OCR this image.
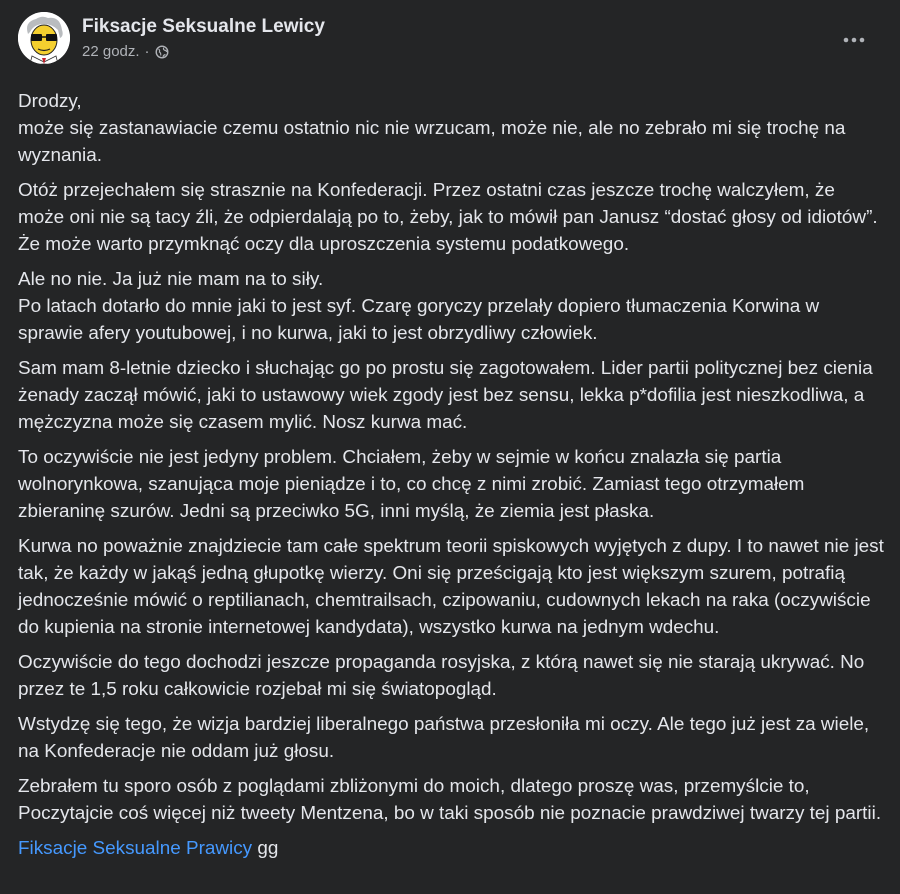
Fiksacje Seksualne Lewicy
22 godz. ·

Drodzy,
może się zastanawiacie czemu ostatnio nic nie wrzucam, może nie, ale no zebrało mi się trochę na wyznania.

Otóż przejechałem się strasznie na Konfederacji. Przez ostatni czas jeszcze trochę walczyłem, że może oni nie są tacy źli, że odpierdalają po to, żeby, jak to mówił pan Janusz “dostać głosy od idiotów”. Że może warto przymknąć oczy dla uproszczenia systemu podatkowego.

Ale no nie. Ja już nie mam na to siły.
Po latach dotarło do mnie jaki to jest syf. Czarę goryczy przelały dopiero tłumaczenia Korwina w sprawie afery youtubowej, i no kurwa, jaki to jest obrzydliwy człowiek.

Sam mam 8-letnie dziecko i słuchając go po prostu się zagotowałem. Lider partii politycznej bez cienia żenady zaczął mówić, jaki to ustawowy wiek zgody jest bez sensu, lekka p*dofilia jest nieszkodliwa, a mężczyzna może się czasem mylić. Nosz kurwa mać.

To oczywiście nie jest jedyny problem. Chciałem, żeby w sejmie w końcu znalazła się partia wolnorynkowa, szanująca moje pieniądze i to, co chcę z nimi zrobić. Zamiast tego otrzymałem zbieraninę szurów. Jedni są przeciwko 5G, inni myślą, że ziemia jest płaska.

Kurwa no poważnie znajdziecie tam całe spektrum teorii spiskowych wyjętych z dupy. I to nawet nie jest tak, że każdy w jakąś jedną głupotkę wierzy. Oni się prześcigają kto jest większym szurem, potrafią jednocześnie mówić o reptilianach, chemtrailsach, czipowaniu, cudownych lekach na raka (oczywiście do kupienia na stronie internetowej kandydata), wszystko kurwa na jednym wdechu.

Oczywiście do tego dochodzi jeszcze propaganda rosyjska, z którą nawet się nie starają ukrywać. No przez te 1,5 roku całkowicie rozjebał mi się światopogląd.

Wstydzę się tego, że wizja bardziej liberalnego państwa przesłoniła mi oczy. Ale tego już jest za wiele, na Konfederacje nie oddam już głosu.

Zebrałem tu sporo osób z poglądami zbliżonymi do moich, dlatego proszę was, przemyślcie to, Poczytajcie coś więcej niż tweety Mentzena, bo w taki sposób nie poznacie prawdziwej twarzy tej partii.

Fiksacje Seksualne Prawicy gg
